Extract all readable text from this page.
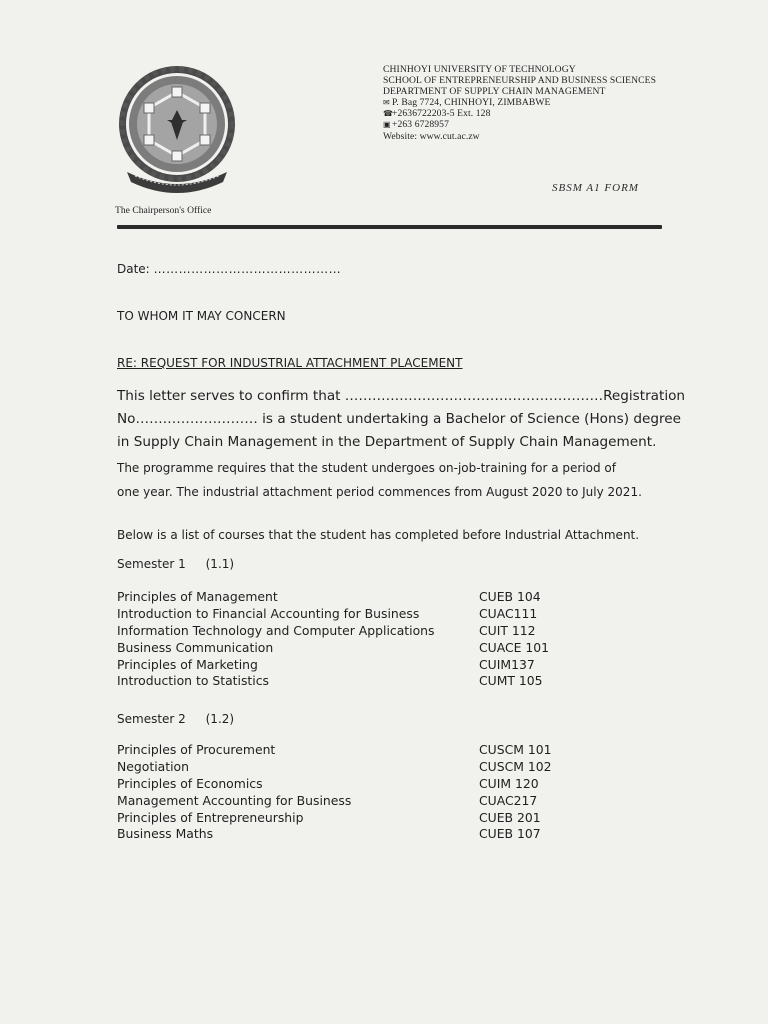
CHINHOYI UNIVERSITY OF TECHNOLOGY
SCHOOL OF ENTREPRENEURSHIP AND BUSINESS SCIENCES
DEPARTMENT OF SUPPLY CHAIN MANAGEMENT
✉ P. Bag 7724, CHINHOYI, ZIMBABWE
☎+2636722203-5 Ext. 128
▣+263 6728957
Website: www.cut.ac.zw
SBSM A1 FORM
The Chairperson's Office
Date: ………………………………………
TO WHOM IT MAY CONCERN
RE: REQUEST FOR INDUSTRIAL ATTACHMENT PLACEMENT
This letter serves to confirm that …………………………………………………Registration
No……………………… is a student undertaking a Bachelor of Science (Hons) degree
in Supply Chain Management in the Department of Supply Chain Management.
The programme requires that the student undergoes on-job-training for a period of
one year. The industrial attachment period commences from August 2020 to July 2021.
Below is a list of courses that the student has completed before Industrial Attachment.
Semester 1 (1.1)
Principles of Management	CUEB 104
Introduction to Financial Accounting for Business	CUAC111
Information Technology and Computer Applications	CUIT 112
Business Communication	CUACE 101
Principles of Marketing	CUIM137
Introduction to Statistics	CUMT 105
Semester 2 (1.2)
Principles of Procurement	CUSCM 101
Negotiation	CUSCM 102
Principles of Economics	CUIM 120
Management Accounting for Business	CUAC217
Principles of Entrepreneurship	CUEB 201
Business Maths	CUEB 107
